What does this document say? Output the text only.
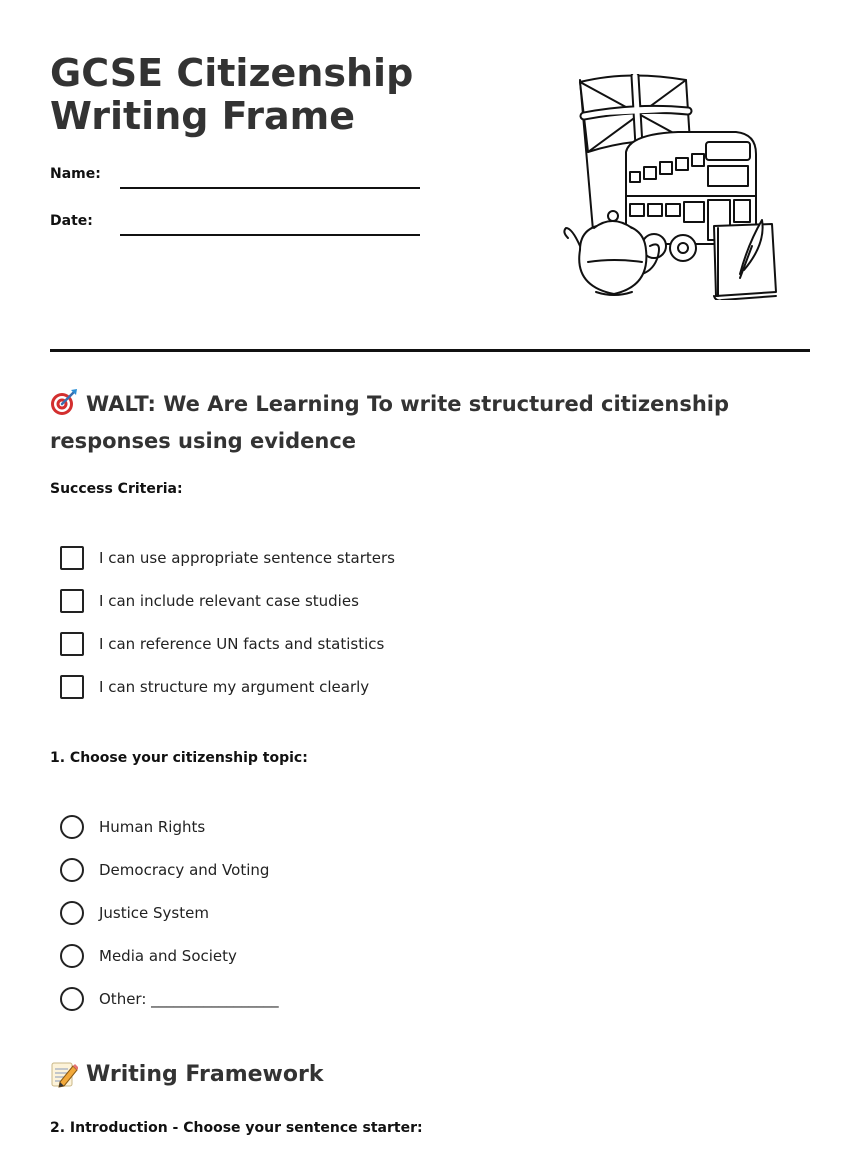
GCSE Citizenship
Writing Frame
Name:
Date:
WALT: We Are Learning To write structured citizenship
responses using evidence
Success Criteria:
I can use appropriate sentence starters
I can include relevant case studies
I can reference UN facts and statistics
I can structure my argument clearly
1. Choose your citizenship topic:
Human Rights
Democracy and Voting
Justice System
Media and Society
Other: _________________
Writing Framework
2. Introduction - Choose your sentence starter:
